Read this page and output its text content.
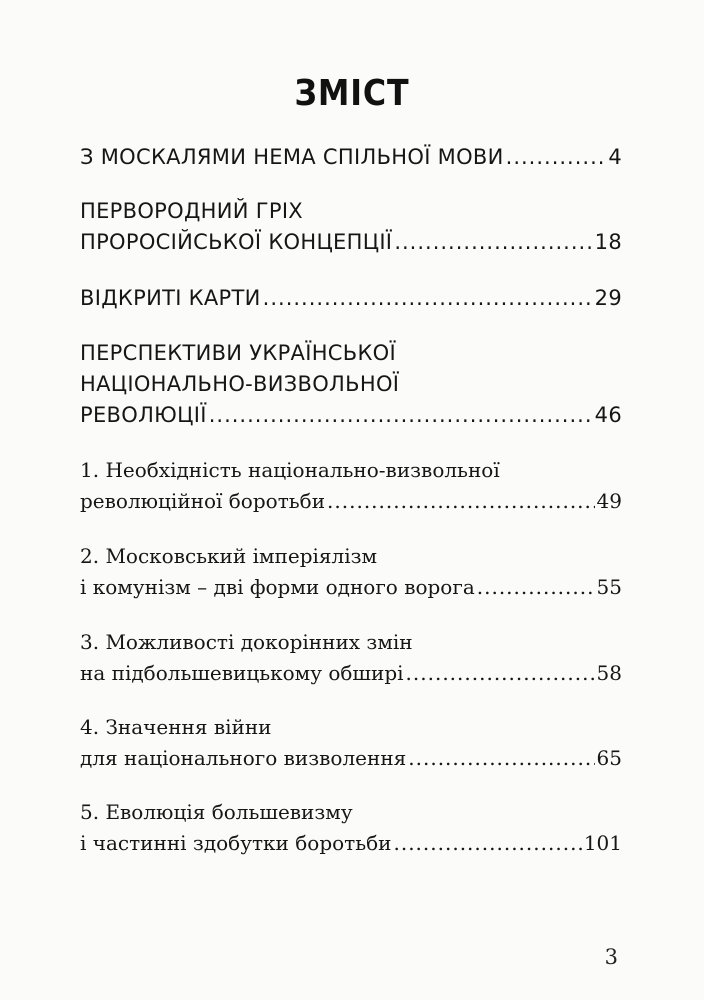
ЗМІСТ
З МОСКАЛЯМИ НЕМА СПІЛЬНОЇ МОВИ .....	4
ПЕРВОРОДНИЙ ГРІХ
ПРОРОСІЙСЬКОЇ КОНЦЕПЦІЇ .....	18
ВІДКРИТІ КАРТИ .....	29
ПЕРСПЕКТИВИ УКРАЇНСЬКОЇ
НАЦІОНАЛЬНО-ВИЗВОЛЬНОЇ
РЕВОЛЮЦІЇ .....	46
1. Необхідність національно-визвольної
революційної боротьби .....	49
2. Московський імперіялізм
і комунізм – дві форми одного ворога .....	55
3. Можливості докорінних змін
на підбольшевицькому обширі .....	58
4. Значення війни
для національного визволення .....	65
5. Еволюція большевизму
і частинні здобутки боротьби .....	101
3
